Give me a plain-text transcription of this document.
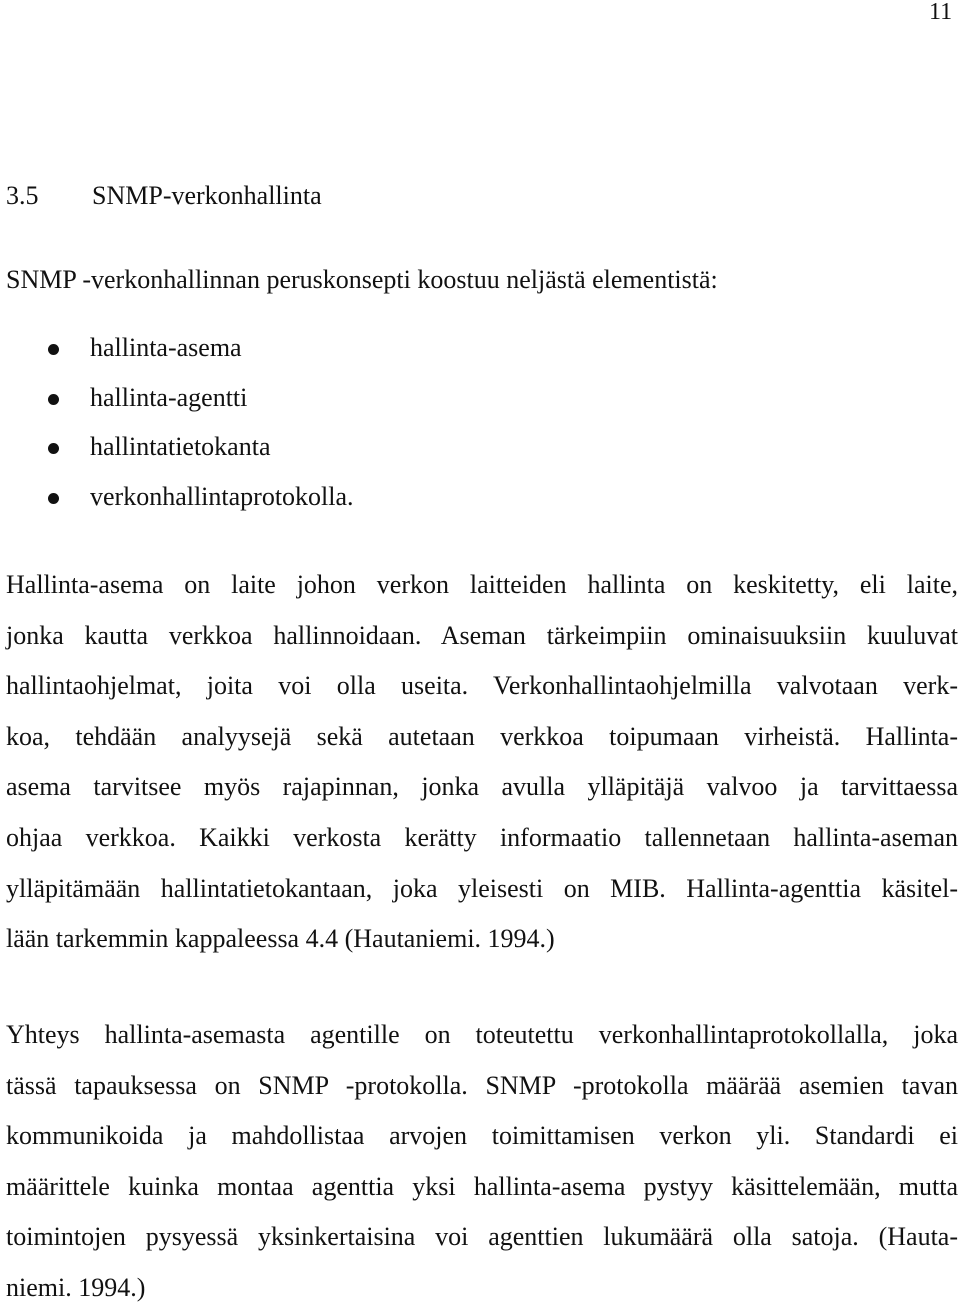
11
3.5 SNMP-verkonhallinta
SNMP -verkonhallinnan peruskonsepti koostuu neljästä elementistä:
hallinta-asema
hallinta-agentti
hallintatietokanta
verkonhallintaprotokolla.

Hallinta-asema on laite johon verkon laitteiden hallinta on keskitetty, eli laite,
jonka kautta verkkoa hallinnoidaan. Aseman tärkeimpiin ominaisuuksiin kuuluvat
hallintaohjelmat, joita voi olla useita. Verkonhallintaohjelmilla valvotaan verk-
koa, tehdään analyysejä sekä autetaan verkkoa toipumaan virheistä. Hallinta-
asema tarvitsee myös rajapinnan, jonka avulla ylläpitäjä valvoo ja tarvittaessa
ohjaa verkkoa. Kaikki verkosta kerätty informaatio tallennetaan hallinta-aseman
ylläpitämään hallintatietokantaan, joka yleisesti on MIB. Hallinta-agenttia käsitel-
lään tarkemmin kappaleessa 4.4 (Hautaniemi. 1994.)

Yhteys hallinta-asemasta agentille on toteutettu verkonhallintaprotokollalla, joka
tässä tapauksessa on SNMP -protokolla. SNMP -protokolla määrää asemien tavan
kommunikoida ja mahdollistaa arvojen toimittamisen verkon yli. Standardi ei
määrittele kuinka montaa agenttia yksi hallinta-asema pystyy käsittelemään, mutta
toimintojen pysyessä yksinkertaisina voi agenttien lukumäärä olla satoja. (Hauta-
niemi. 1994.)
